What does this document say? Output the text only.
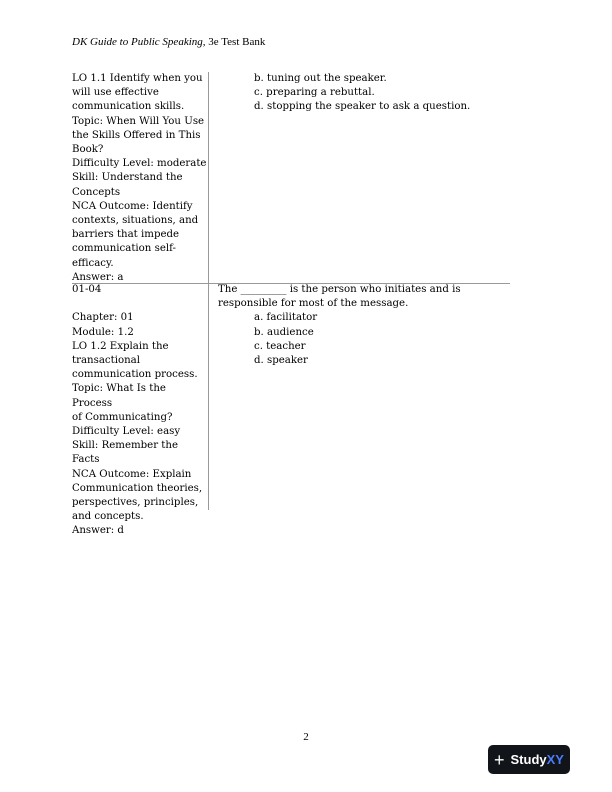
DK Guide to Public Speaking, 3e Test Bank
LO 1.1 Identify when you
will use effective
communication skills.
Topic: When Will You Use
the Skills Offered in This
Book?
Difficulty Level: moderate
Skill: Understand the
Concepts
NCA Outcome: Identify
contexts, situations, and
barriers that impede
communication self-
efficacy.
Answer: a
b. tuning out the speaker.
c. preparing a rebuttal.
d. stopping the speaker to ask a question.
01-04
Chapter: 01
Module: 1.2
LO 1.2 Explain the
transactional
communication process.
Topic: What Is the Process
of Communicating?
Difficulty Level: easy
Skill: Remember the Facts
NCA Outcome: Explain
Communication theories,
perspectives, principles,
and concepts.
Answer: d
The _________ is the person who initiates and is
responsible for most of the message.
a. facilitator
b. audience
c. teacher
d. speaker
2
+ Study XY
